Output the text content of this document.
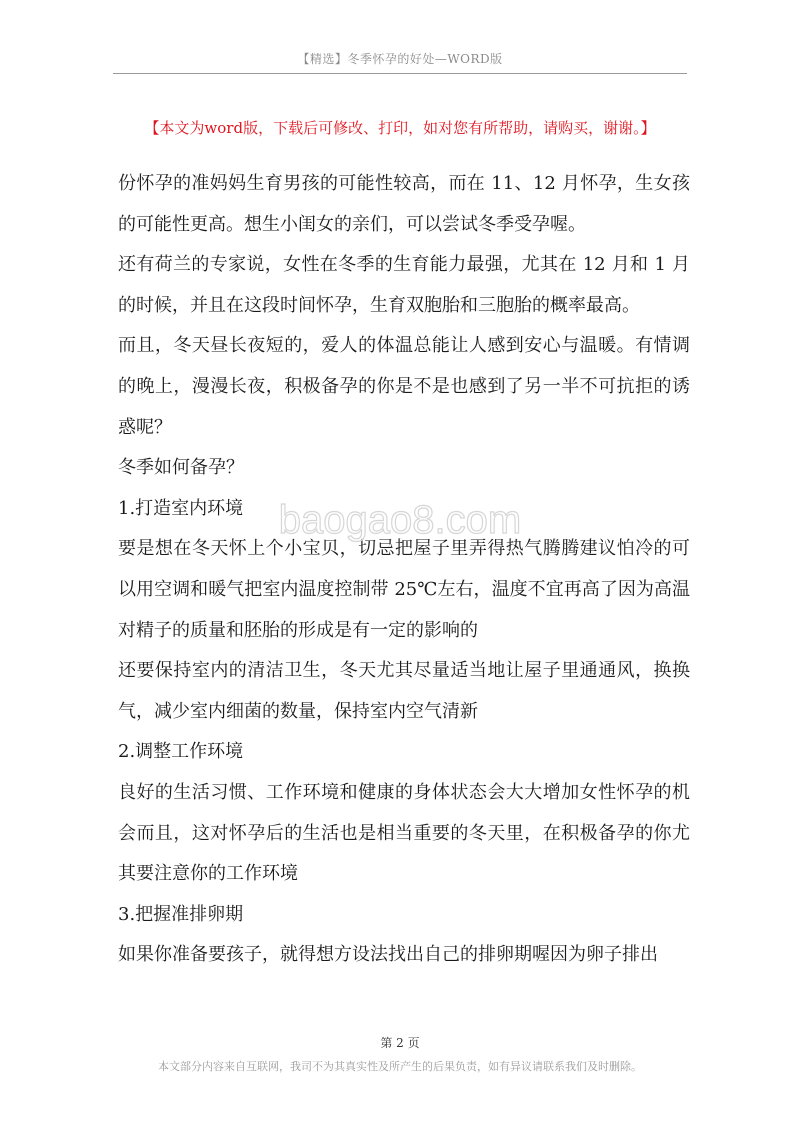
【精选】冬季怀孕的好处—WORD版
【本文为word版，下载后可修改、打印，如对您有所帮助，请购买，谢谢。】

份怀孕的准妈妈生育男孩的可能性较高，而在 11、12 月怀孕，生女孩的可能性更高。想生小闺女的亲们，可以尝试冬季受孕喔。

还有荷兰的专家说，女性在冬季的生育能力最强，尤其在 12 月和 1 月的时候，并且在这段时间怀孕，生育双胞胎和三胞胎的概率最高。

而且，冬天昼长夜短的，爱人的体温总能让人感到安心与温暖。有情调的晚上，漫漫长夜，积极备孕的你是不是也感到了另一半不可抗拒的诱惑呢？

冬季如何备孕？

1.打造室内环境

要是想在冬天怀上个小宝贝，切忌把屋子里弄得热气腾腾建议怕冷的可以用空调和暖气把室内温度控制带 25℃左右，温度不宜再高了因为高温对精子的质量和胚胎的形成是有一定的影响的

还要保持室内的清洁卫生，冬天尤其尽量适当地让屋子里通通风，换换气，减少室内细菌的数量，保持室内空气清新

2.调整工作环境

良好的生活习惯、工作环境和健康的身体状态会大大增加女性怀孕的机会而且，这对怀孕后的生活也是相当重要的冬天里，在积极备孕的你尤其要注意你的工作环境

3.把握准排卵期

如果你准备要孩子，就得想方设法找出自己的排卵期喔因为卵子排出

baogao8.com
第 2 页
本文部分内容来自互联网，我司不为其真实性及所产生的后果负责，如有异议请联系我们及时删除。
